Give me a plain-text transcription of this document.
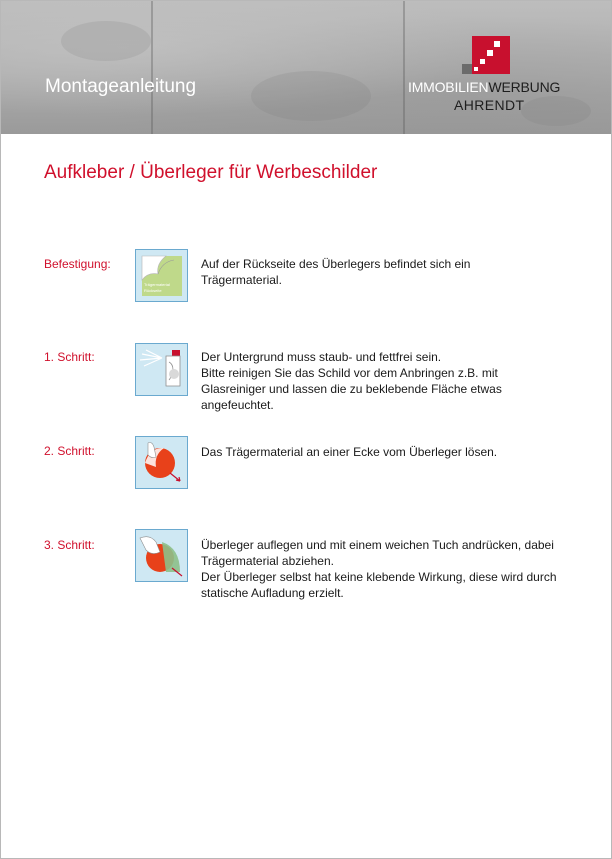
Montageanleitung	IMMOBILIENWERBUNG
AHRENDT
Aufkleber / Überleger für Werbeschilder
Befestigung:
Trägermaterial
Rückseite
Auf der Rückseite des Überlegers befindet sich ein
Trägermaterial.
1. Schritt:	Der Untergrund muss staub- und fettfrei sein.
Bitte reinigen Sie das Schild vor dem Anbringen z.B. mit
Glasreiniger und lassen die zu beklebende Fläche etwas
angefeuchtet.
2. Schritt:	Das Trägermaterial an einer Ecke vom Überleger lösen.
3. Schritt:	Überleger auflegen und mit einem weichen Tuch andrücken, dabei
Trägermaterial abziehen.
Der Überleger selbst hat keine klebende Wirkung, diese wird durch
statische Aufladung erzielt.
